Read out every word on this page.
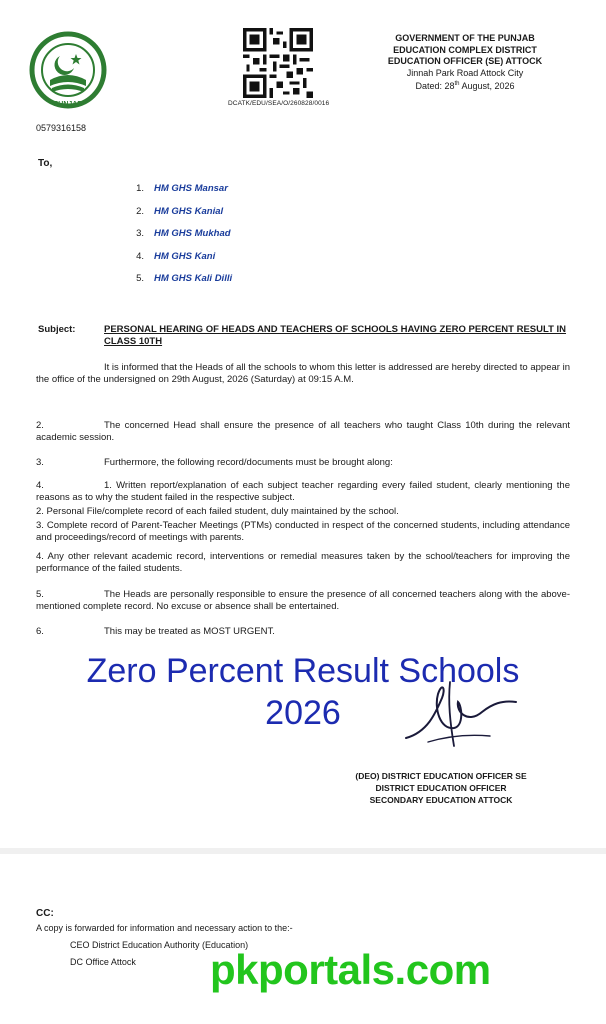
PUNJAB	DCATK/EDU/SEA/O/260828/0016
GOVERNMENT OF THE PUNJAB
EDUCATION COMPLEX DISTRICT
EDUCATION OFFICER (SE) ATTOCK
Jinnah Park Road Attock City
Dated: 28th August, 2026
0579316158
To,
1. HM GHS Mansar
2. HM GHS Kanial
3. HM GHS Mukhad
4. HM GHS Kani
5. HM GHS Kali Dilli
Subject:	PERSONAL HEARING OF HEADS AND TEACHERS OF SCHOOLS HAVING ZERO PERCENT RESULT IN CLASS 10TH
It is informed that the Heads of all the schools to whom this letter is addressed are hereby directed to appear in the office of the undersigned on 29th August, 2026 (Saturday) at 09:15 A.M.
2.	The concerned Head shall ensure the presence of all teachers who taught Class 10th during the relevant academic session.
3.	Furthermore, the following record/documents must be brought along:
4.	1. Written report/explanation of each subject teacher regarding every failed student, clearly mentioning the reasons as to why the student failed in the respective subject.
2. Personal File/complete record of each failed student, duly maintained by the school.
3. Complete record of Parent-Teacher Meetings (PTMs) conducted in respect of the concerned students, including attendance and proceedings/record of meetings with parents.
4. Any other relevant academic record, interventions or remedial measures taken by the school/teachers for improving the performance of the failed students.
5.	The Heads are personally responsible to ensure the presence of all concerned teachers along with the above-mentioned complete record. No excuse or absence shall be entertained.
6.	This may be treated as MOST URGENT.
Zero Percent Result Schools
2026
(DEO) DISTRICT EDUCATION OFFICER SE
DISTRICT EDUCATION OFFICER
SECONDARY EDUCATION ATTOCK
CC:
A copy is forwarded for information and necessary action to the:-
CEO District Education Authority (Education)
DC Office Attock pkportals.com
